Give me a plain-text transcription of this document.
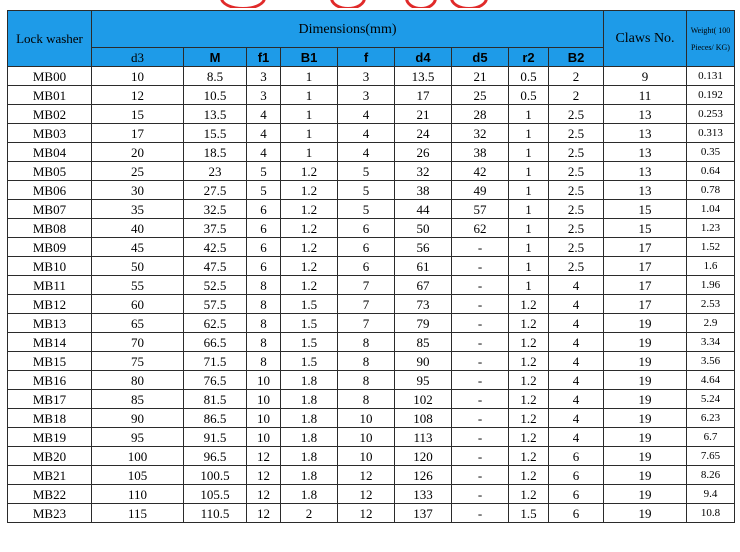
Lock washer	Dimensions(mm)									Claws No.	Weight( 100 Pieces/ KG)
	d3	M	f1	B1	f	d4	d5	r2	B2		
MB00	10	8.5	3	1	3	13.5	21	0.5	2	9	0.131
MB01	12	10.5	3	1	3	17	25	0.5	2	11	0.192
MB02	15	13.5	4	1	4	21	28	1	2.5	13	0.253
MB03	17	15.5	4	1	4	24	32	1	2.5	13	0.313
MB04	20	18.5	4	1	4	26	38	1	2.5	13	0.35
MB05	25	23	5	1.2	5	32	42	1	2.5	13	0.64
MB06	30	27.5	5	1.2	5	38	49	1	2.5	13	0.78
MB07	35	32.5	6	1.2	5	44	57	1	2.5	15	1.04
MB08	40	37.5	6	1.2	6	50	62	1	2.5	15	1.23
MB09	45	42.5	6	1.2	6	56	-	1	2.5	17	1.52
MB10	50	47.5	6	1.2	6	61	-	1	2.5	17	1.6
MB11	55	52.5	8	1.2	7	67	-	1	4	17	1.96
MB12	60	57.5	8	1.5	7	73	-	1.2	4	17	2.53
MB13	65	62.5	8	1.5	7	79	-	1.2	4	19	2.9
MB14	70	66.5	8	1.5	8	85	-	1.2	4	19	3.34
MB15	75	71.5	8	1.5	8	90	-	1.2	4	19	3.56
MB16	80	76.5	10	1.8	8	95	-	1.2	4	19	4.64
MB17	85	81.5	10	1.8	8	102	-	1.2	4	19	5.24
MB18	90	86.5	10	1.8	10	108	-	1.2	4	19	6.23
MB19	95	91.5	10	1.8	10	113	-	1.2	4	19	6.7
MB20	100	96.5	12	1.8	10	120	-	1.2	6	19	7.65
MB21	105	100.5	12	1.8	12	126	-	1.2	6	19	8.26
MB22	110	105.5	12	1.8	12	133	-	1.2	6	19	9.4
MB23	115	110.5	12	2	12	137	-	1.5	6	19	10.8
